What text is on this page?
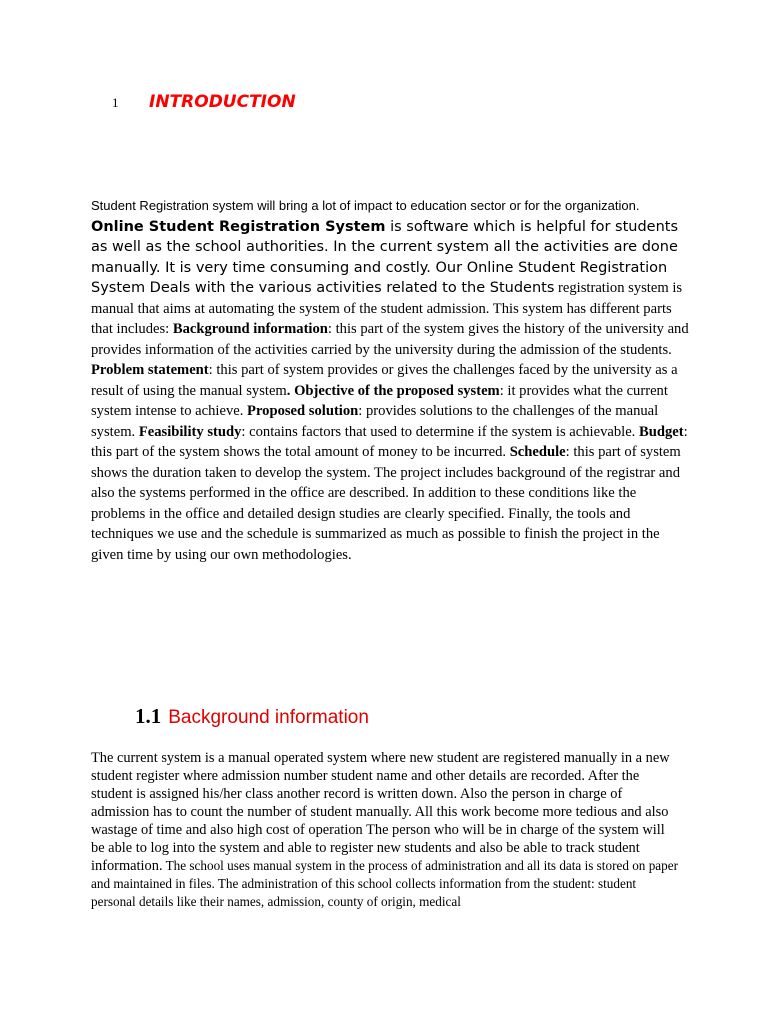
1	INTRODUCTION
Student Registration system will bring a lot of impact to education sector or for the organization. Online Student Registration System is software which is helpful for students as well as the school authorities. In the current system all the activities are done manually. It is very time consuming and costly. Our Online Student Registration System Deals with the various activities related to the Students registration system is manual that aims at automating the system of the student admission. This system has different parts that includes: Background information: this part of the system gives the history of the university and provides information of the activities carried by the university during the admission of the students. Problem statement: this part of system provides or gives the challenges faced by the university as a result of using the manual system. Objective of the proposed system: it provides what the current system intense to achieve. Proposed solution: provides solutions to the challenges of the manual system. Feasibility study: contains factors that used to determine if the system is achievable. Budget: this part of the system shows the total amount of money to be incurred. Schedule: this part of system shows the duration taken to develop the system. The project includes background of the registrar and also the systems performed in the office are described. In addition to these conditions like the problems in the office and detailed design studies are clearly specified. Finally, the tools and techniques we use and the schedule is summarized as much as possible to finish the project in the given time by using our own methodologies.
1.1 Background information
The current system is a manual operated system where new student are registered manually in a new student register where admission number student name and other details are recorded. After the student is assigned his/her class another record is written down. Also the person in charge of admission has to count the number of student manually. All this work become more tedious and also wastage of time and also high cost of operation The person who will be in charge of the system will be able to log into the system and able to register new students and also be able to track student information. The school uses manual system in the process of administration and all its data is stored on paper and maintained in files. The administration of this school collects information from the student: student personal details like their names, admission, county of origin, medical
